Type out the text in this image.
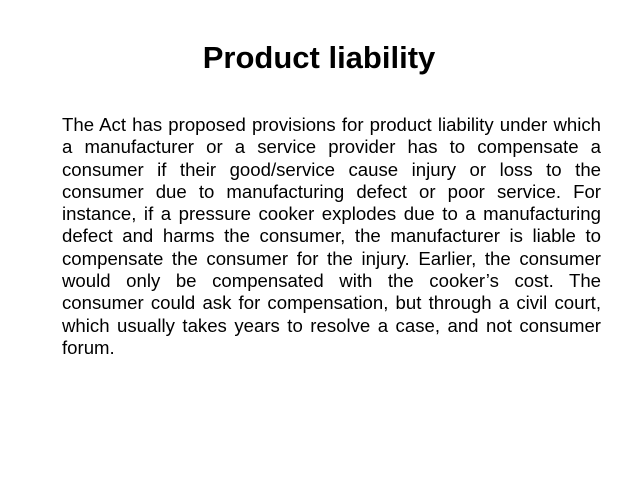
Product liability

The Act has proposed provisions for product liability under which a manufacturer or a service provider has to compensate a consumer if their good/service cause injury or loss to the consumer due to manufacturing defect or poor service. For instance, if a pressure cooker explodes due to a manufacturing defect and harms the consumer, the manufacturer is liable to compensate the consumer for the injury. Earlier, the consumer would only be compensated with the cooker’s cost. The consumer could ask for compensation, but through a civil court, which usually takes years to resolve a case, and not consumer forum.
